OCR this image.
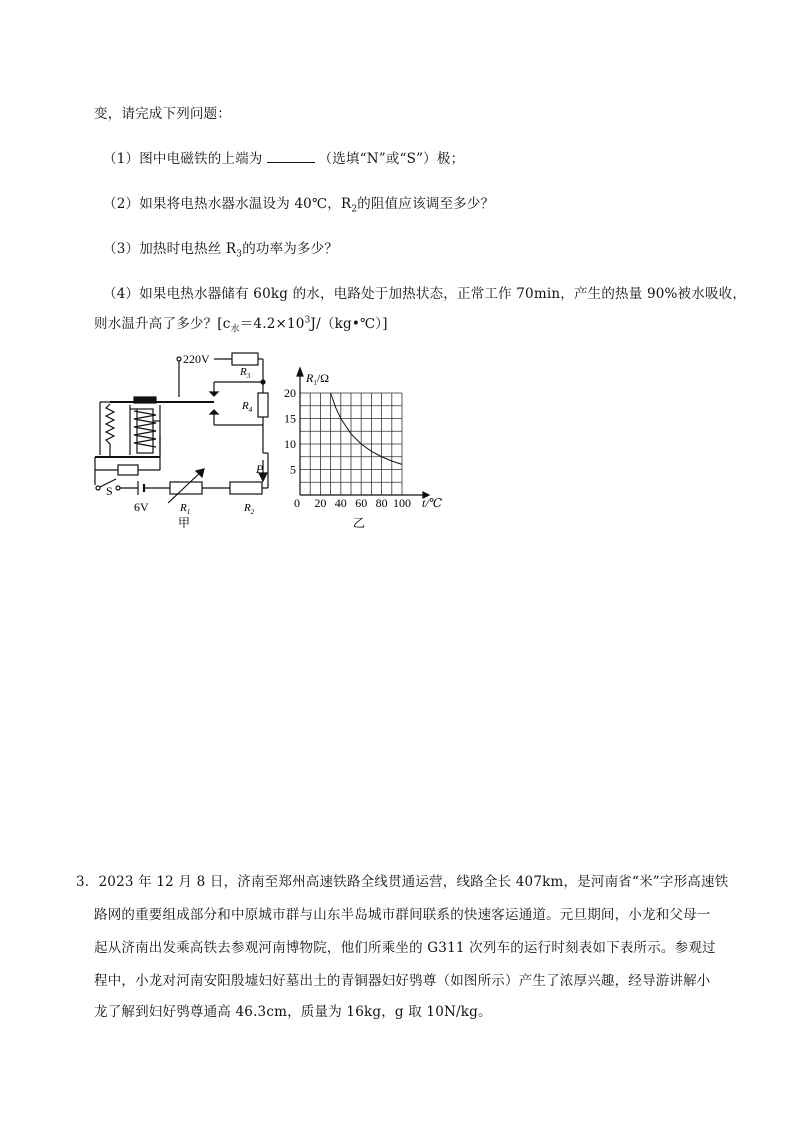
变，请完成下列问题：
（1）图中电磁铁的上端为	（选填“N”或“S”）极；
（2）如果将电热水器水温设为 40℃，$R_2$的阻值应该调至多少？
（3）加热时电热丝 $R_3$的功率为多少？
（4）如果电热水器储有 60kg 的水，电路处于加热状态，正常工作 70min，产生的热量 90%被水吸收，
则水温升高了多少？$[c_水=4.2\times 10^3J/(kg•℃)]$
220V
$R_3$
$R_4$
P
S
6V	$R_1$	$R_2$
甲
20 40 60 80 100
5
10
15
20
$R_1/\Omega$
t/℃
0
乙
3．2023 年 12 月 8 日，济南至郑州高速铁路全线贯通运营，线路全长 407km，是河南省“米”字形高速铁
路网的重要组成部分和中原城市群与山东半岛城市群间联系的快速客运通道。元旦期间，小龙和父母一
起从济南出发乘高铁去参观河南博物院，他们所乘坐的 G311 次列车的运行时刻表如下表所示。参观过
程中，小龙对河南安阳殷墟妇好墓出土的青铜器妇好鸮尊（如图所示）产生了浓厚兴趣，经导游讲解小
龙了解到妇好鸮尊通高 46.3cm，质量为 16kg，g 取 10N/kg。
